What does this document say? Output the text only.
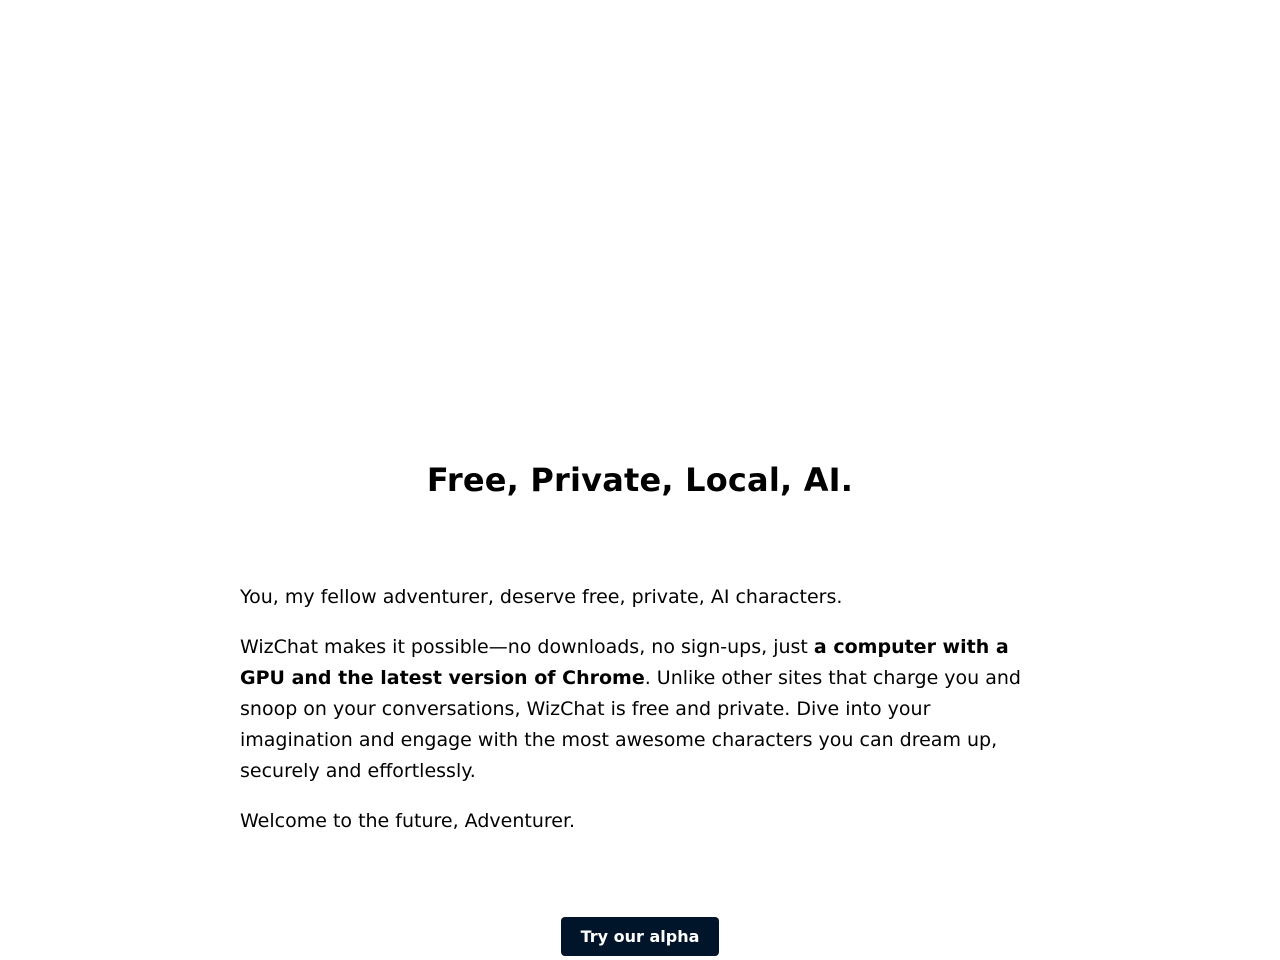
Free, Private, Local, AI.

You, my fellow adventurer, deserve free, private, AI characters.

WizChat makes it possible—no downloads, no sign-ups, just a computer with a GPU and the latest version of Chrome. Unlike other sites that charge you and snoop on your conversations, WizChat is free and private. Dive into your imagination and engage with the most awesome characters you can dream up, securely and effortlessly.

Welcome to the future, Adventurer.

Try our alpha
